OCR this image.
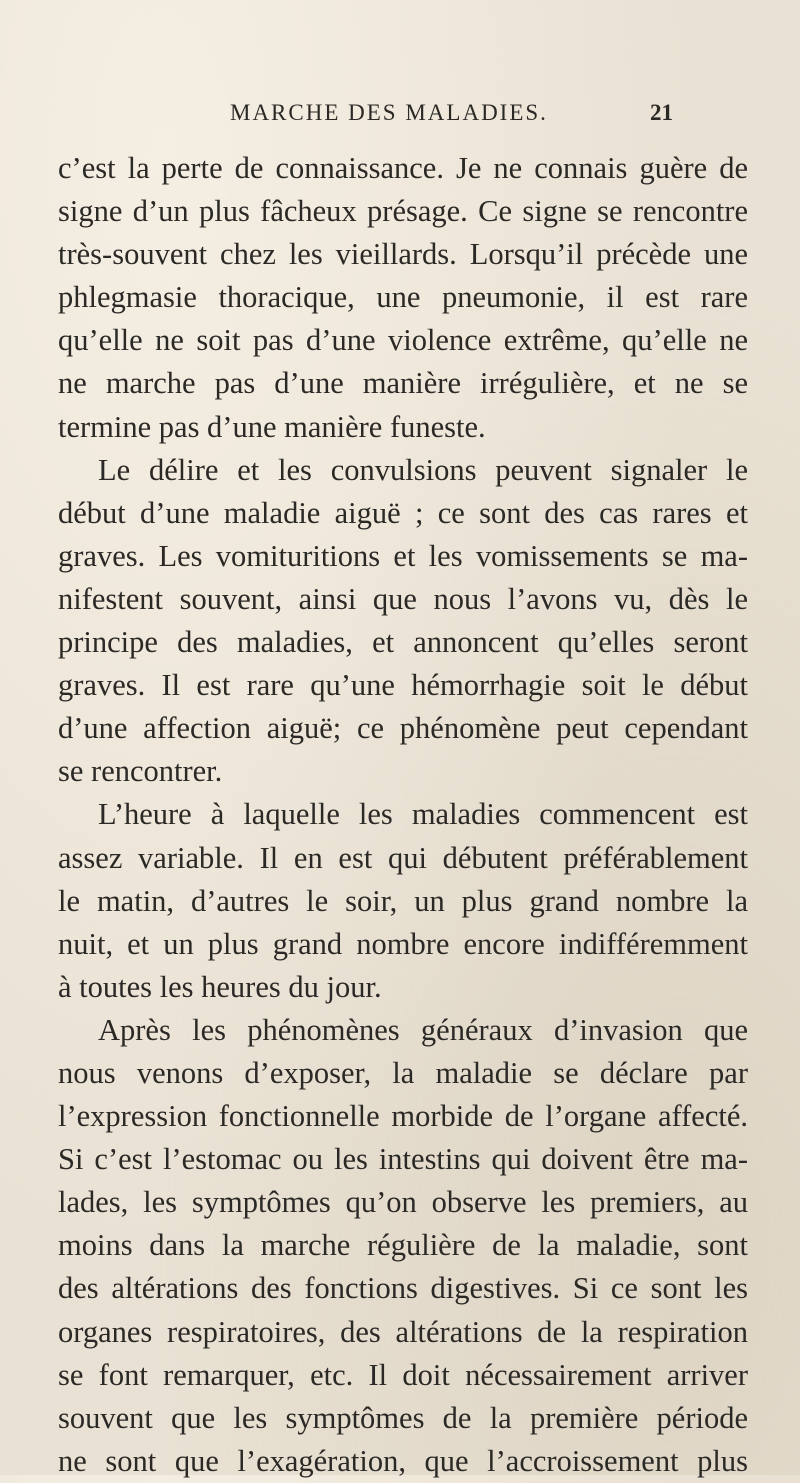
MARCHE DES MALADIES.	21
c’est la perte de connaissance. Je ne connais guère de
signe d’un plus fâcheux présage. Ce signe se rencontre
très-souvent chez les vieillards. Lorsqu’il précède une
phlegmasie thoracique, une pneumonie, il est rare
qu’elle ne soit pas d’une violence extrême, qu’elle ne
ne marche pas d’une manière irrégulière, et ne se
termine pas d’une manière funeste.
Le délire et les convulsions peuvent signaler le
début d’une maladie aiguë ; ce sont des cas rares et
graves. Les vomituritions et les vomissements se ma-
nifestent souvent, ainsi que nous l’avons vu, dès le
principe des maladies, et annoncent qu’elles seront
graves. Il est rare qu’une hémorrhagie soit le début
d’une affection aiguë; ce phénomène peut cependant
se rencontrer.
L’heure à laquelle les maladies commencent est
assez variable. Il en est qui débutent préférablement
le matin, d’autres le soir, un plus grand nombre la
nuit, et un plus grand nombre encore indifféremment
à toutes les heures du jour.
Après les phénomènes généraux d’invasion que
nous venons d’exposer, la maladie se déclare par
l’expression fonctionnelle morbide de l’organe affecté.
Si c’est l’estomac ou les intestins qui doivent être ma-
lades, les symptômes qu’on observe les premiers, au
moins dans la marche régulière de la maladie, sont
des altérations des fonctions digestives. Si ce sont les
organes respiratoires, des altérations de la respiration
se font remarquer, etc. Il doit nécessairement arriver
souvent que les symptômes de la première période
ne sont que l’exagération, que l’accroissement plus
